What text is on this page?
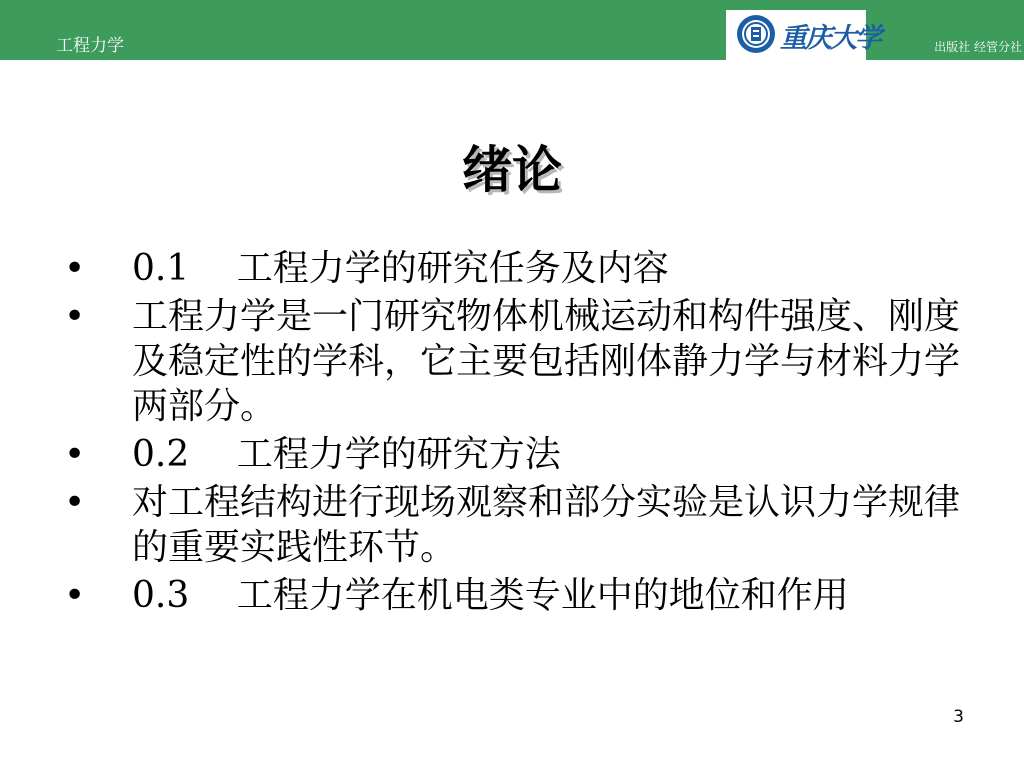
工程力学	重庆大学	出版社 经管分社
绪论
• 0.1　 工程力学的研究任务及内容
• 工程力学是一门研究物体机械运动和构件强度、刚度及稳定性的学科，它主要包括刚体静力学与材料力学两部分。
• 0.2　 工程力学的研究方法
• 对工程结构进行现场观察和部分实验是认识力学规律的重要实践性环节。
• 0.3　 工程力学在机电类专业中的地位和作用
3
